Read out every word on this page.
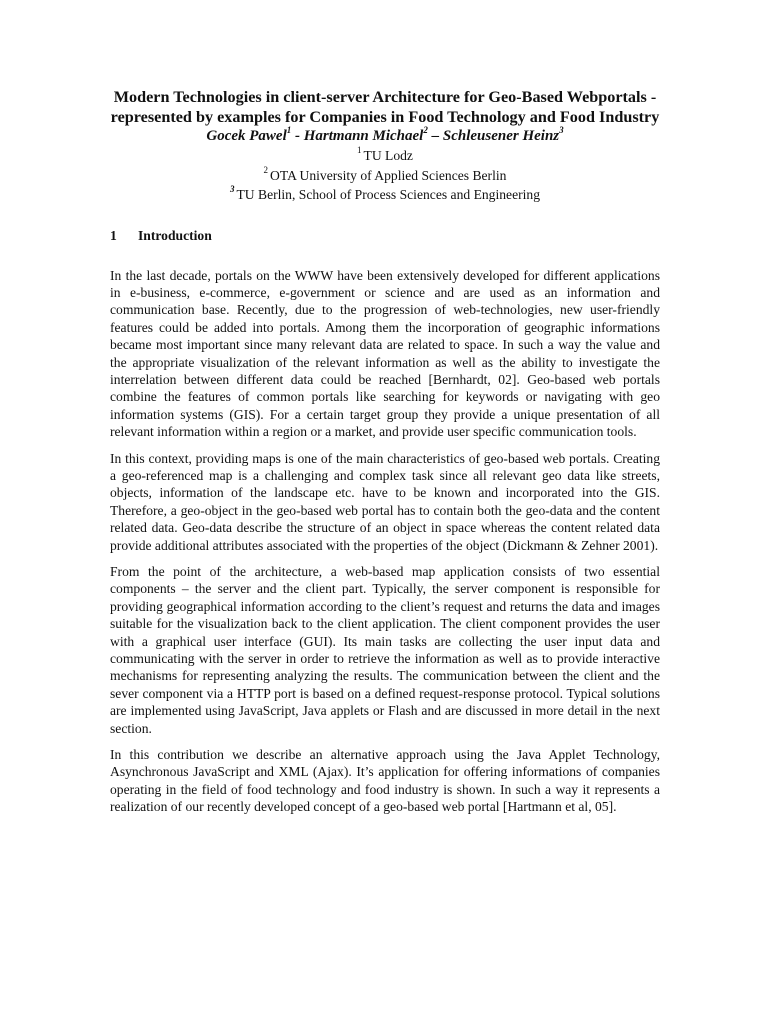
Modern Technologies in client-server Architecture for Geo-Based Webportals - represented by examples for Companies in Food Technology and Food Industry

Gocek Pawel$^1$ - Hartmann Michael$^2$ – Schleusener Heinz$^3$

$^1$ TU Lodz

$^2$ OTA University of Applied Sciences Berlin

$^3$ TU Berlin, School of Process Sciences and Engineering

1	Introduction

In the last decade, portals on the WWW have been extensively developed for different applications in e-business, e-commerce, e-government or science and are used as an information and communication base. Recently, due to the progression of web-technologies, new user-friendly features could be added into portals. Among them the incorporation of geographic informations became most important since many relevant data are related to space. In such a way the value and the appropriate visualization of the relevant information as well as the ability to investigate the interrelation between different data could be reached [Bernhardt, 02]. Geo-based web portals combine the features of common portals like searching for keywords or navigating with geo information systems (GIS). For a certain target group they provide a unique presentation of all relevant information within a region or a market, and provide user specific communication tools.

In this context, providing maps is one of the main characteristics of geo-based web portals. Creating a geo-referenced map is a challenging and complex task since all relevant geo data like streets, objects, information of the landscape etc. have to be known and incorporated into the GIS. Therefore, a geo-object in the geo-based web portal has to contain both the geo-data and the content related data. Geo-data describe the structure of an object in space whereas the content related data provide additional attributes associated with the properties of the object (Dickmann & Zehner 2001).

From the point of the architecture, a web-based map application consists of two essential components – the server and the client part. Typically, the server component is responsible for providing geographical information according to the client’s request and returns the data and images suitable for the visualization back to the client application. The client component provides the user with a graphical user interface (GUI). Its main tasks are collecting the user input data and communicating with the server in order to retrieve the information as well as to provide interactive mechanisms for representing analyzing the results. The communication between the client and the sever component via a HTTP port is based on a defined request-response protocol. Typical solutions are implemented using JavaScript, Java applets or Flash and are discussed in more detail in the next section.

In this contribution we describe an alternative approach using the Java Applet Technology, Asynchronous JavaScript and XML (Ajax). It’s application for offering informations of companies operating in the field of food technology and food industry is shown. In such a way it represents a realization of our recently developed concept of a geo-based web portal [Hartmann et al, 05].
